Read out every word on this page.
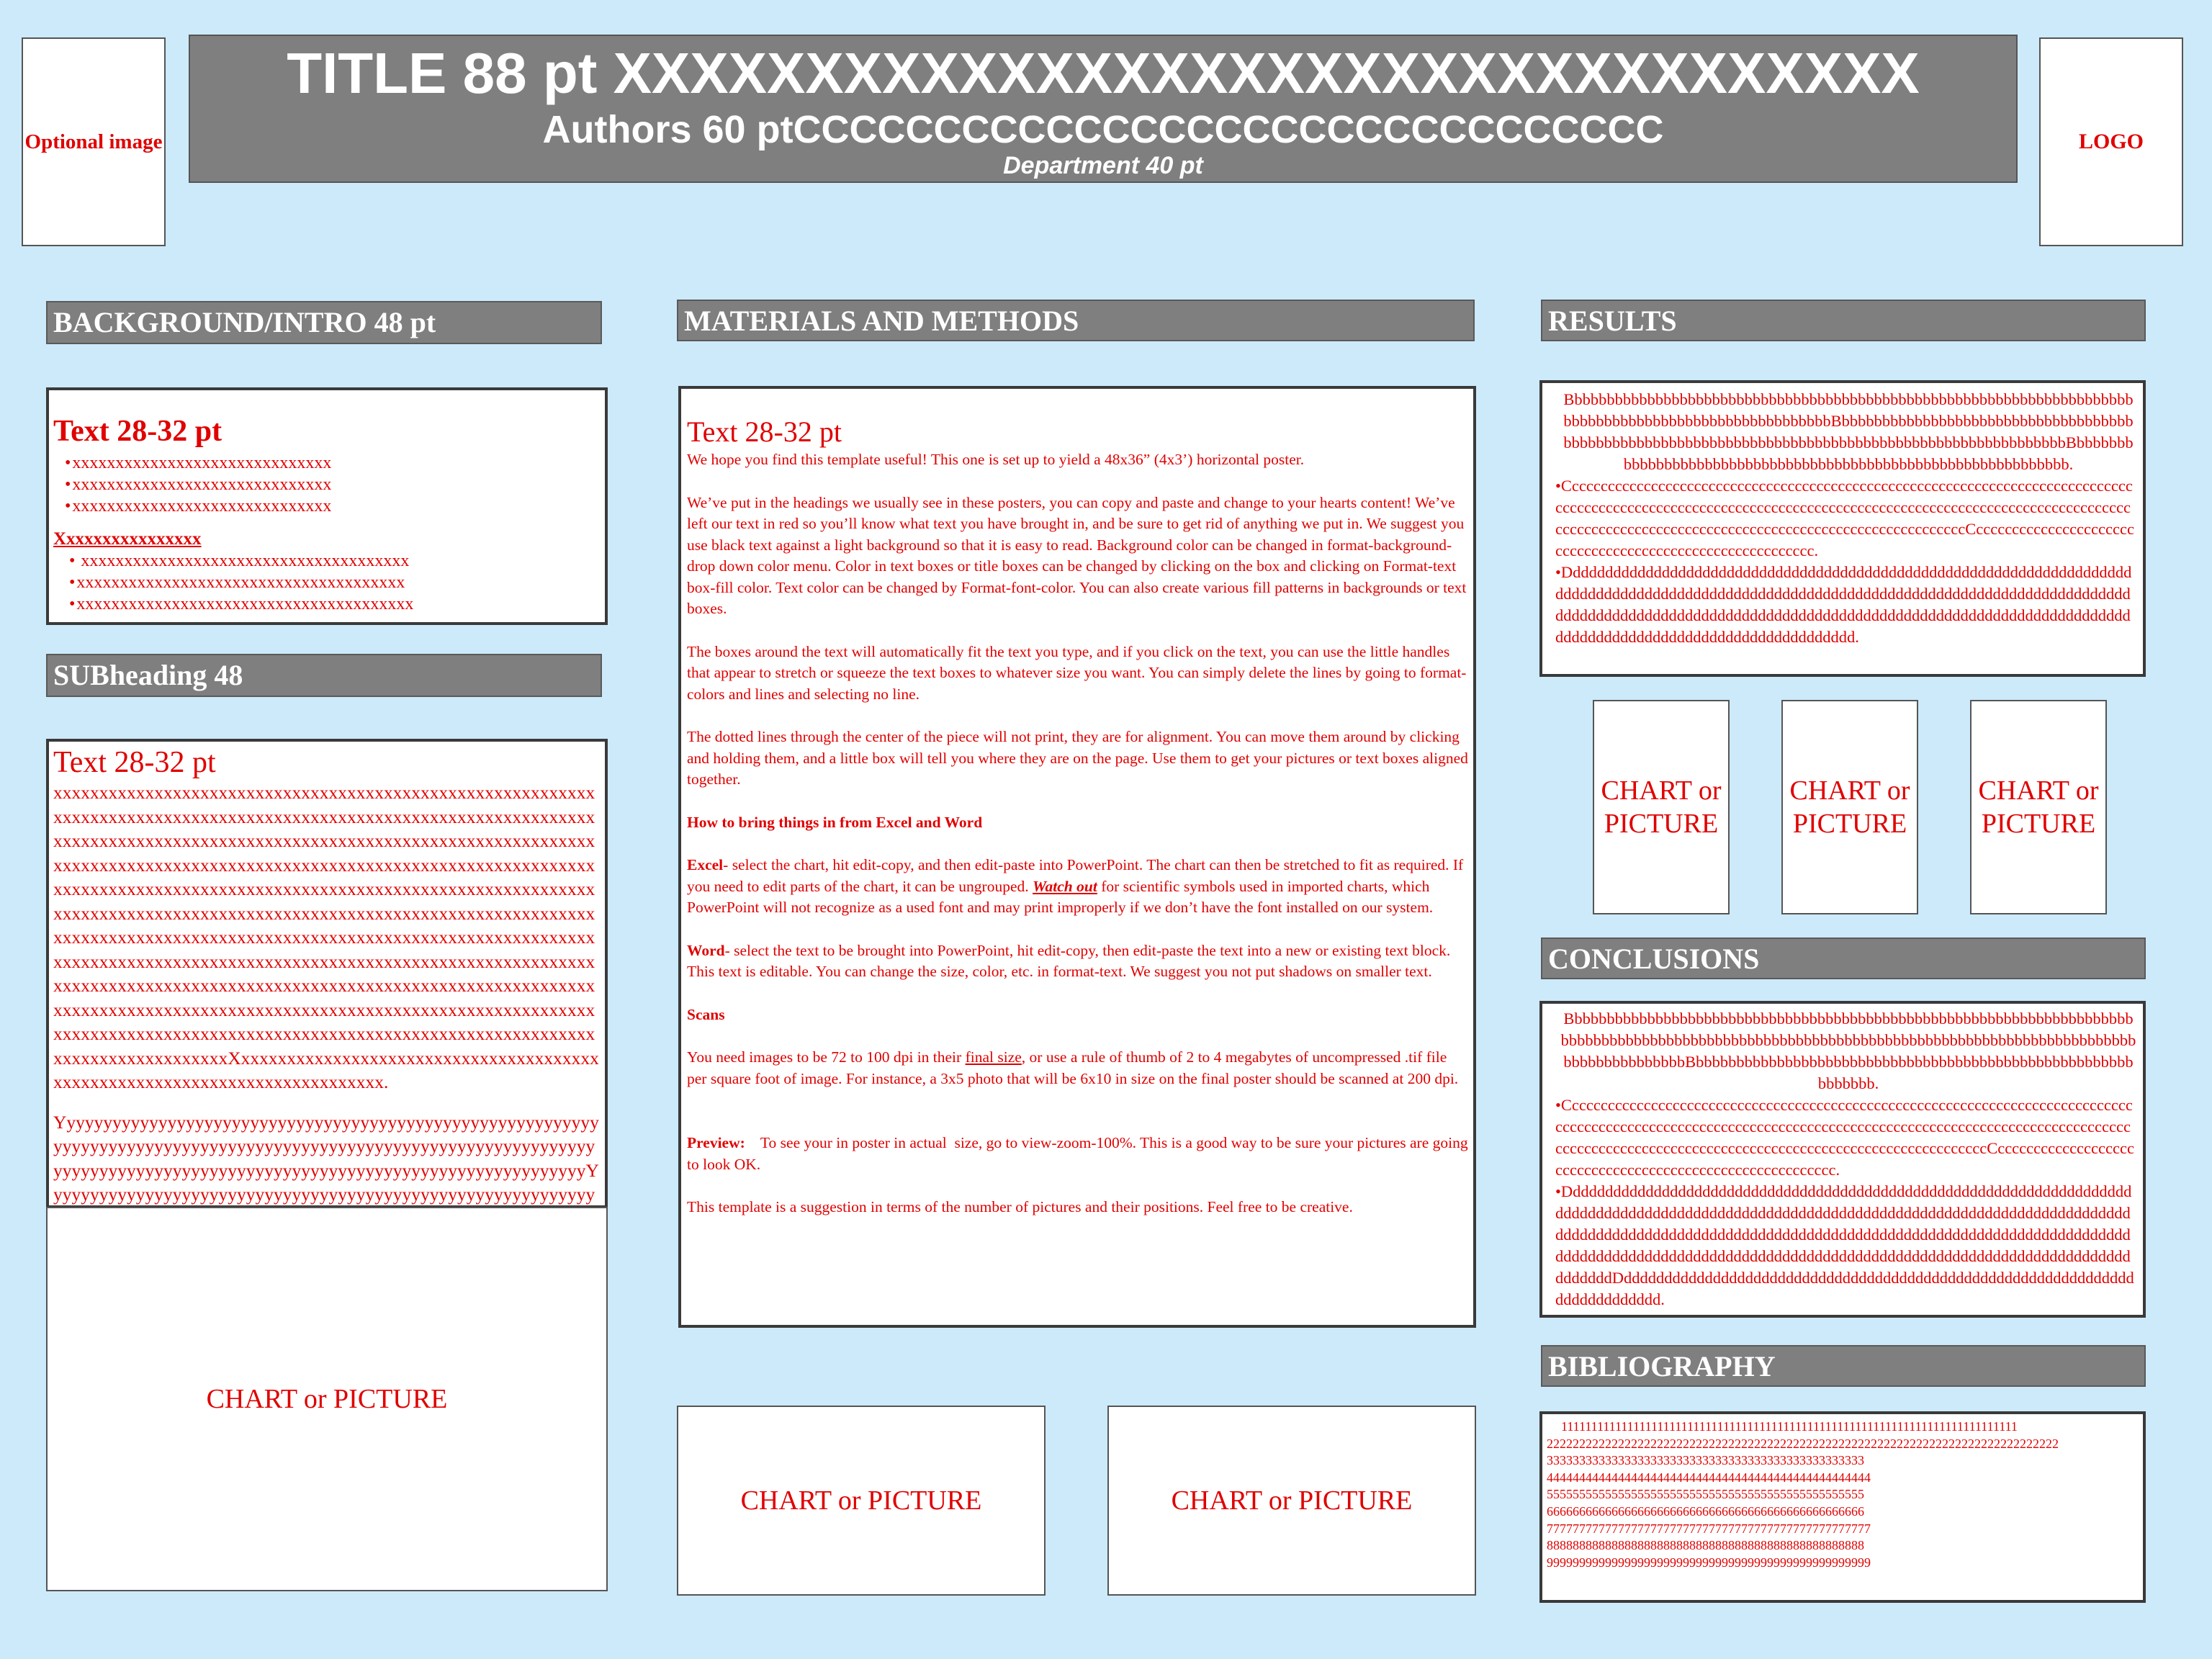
Optional image
TITLE 88 pt XXXXXXXXXXXXXXXXXXXXXXXXXXXXXXXXXX
Authors 60 ptCCCCCCCCCCCCCCCCCCCCCCCCCCCCCCC
Department 40 pt
LOGO
BACKGROUND/INTRO 48 pt
Text 28-32 pt
• xxxxxxxxxxxxxxxxxxxxxxxxxxxxxx
• xxxxxxxxxxxxxxxxxxxxxxxxxxxxxx
• xxxxxxxxxxxxxxxxxxxxxxxxxxxxxx
Xxxxxxxxxxxxxxxx
• xxxxxxxxxxxxxxxxxxxxxxxxxxxxxxxxxxxxxx
• xxxxxxxxxxxxxxxxxxxxxxxxxxxxxxxxxxxxxx
• xxxxxxxxxxxxxxxxxxxxxxxxxxxxxxxxxxxxxxx
SUBheading 48
Text 28-32 pt

xxxxxxxxxxxxxxxxxxxxxxxxxxxxxxxxxxxxxxxxxxxxxxxxxxxxxxxxxxxxxxxxxxxxxxxxxxxxxxxxxxxxxxxxxxxxxxxxxxxxxxxxxxxxxxxxxxxxxxxxxxxxxxxxxxxxxxxxxxxxxxxxxxxxxxxxxxxxxxxxxxxxxxxxxxxxxxxxxxxxxxxxxxxxxxxxxxxxxxxxxxxxxxxxxxxxxxxxxxxxxxxxxxxxxxxxxxxxxxxxxxxxxxxxxxxxxxxxxxxxxxxxxxxxxxxxxxxxxxxxxxxxxxxxxxxxxxxxxxxxxxxxxxxxxxxxxxxxxxxxxxxxxxxxxxxxxxxxxxxxxxxxxxxxxxxxxxxxxxxxxxxxxxxxxxxxxxxxxxxxxxxxxxxxxxxxxxxxxxxxxxxxxxxxxxxxxxxxxxxxxxxxxxxxxxxxxxxxxxxxxxxxxxxxxxxxxxxxxxxxxxxxxxxxxxxxxxxxxxxxxxxxxxxxxxxxxxxxxxxxxxxxxxxxxxxxxxxxxxxxxxxxxxxxxxxxxxxxxxxxxxxxxxxxxxxxxxxxxxxxxxxxxxxxxxxxxxxxxxxxxxxxxxxxxxxxxxxxxxxxxxxxxxxxxxxxxxxxxxxxxxxxxxxxxxxxxxxxxxxxxxxxxxxxxxxxxxxxxxxxxxxxxxxxXxxxxxxxxxxxxxxxxxxxxxxxxxxxxxxxxxxxxxxxxxxxxxxxxxxxxxxxxxxxxxxxxxxxxxxxxxxx.

YyyyyyyyyyyyyyyyyyyyyyyyyyyyyyyyyyyyyyyyyyyyyyyyyyyyyyyyyyyyyyyyyyyyyyyyyyyyyyyyyyyyyyyyyyyyyyyyyyyyyyyyyyyyyyyyyyyyyyyyyyyyyyyyyyyyyyyyyyyyyyyyyyyyyyyyyyyyyyyyyyyyyyyyyyyyyyyyYyyyyyyyyyyyyyyyyyyyyyyyyyyyyyyyyyyyyyyyyyyyyyyyyyyyyyyyyyyy

CHART or PICTURE
MATERIALS AND METHODS
Text 28-32 pt

We hope you find this template useful! This one is set up to yield a 48x36” (4x3’) horizontal poster.

We’ve put in the headings we usually see in these posters, you can copy and paste and change to your hearts content! We’ve left our text in red so you’ll know what text you have brought in, and be sure to get rid of anything we put in. We suggest you use black text against a light background so that it is easy to read. Background color can be changed in format-background-drop down color menu. Color in text boxes or title boxes can be changed by clicking on the box and clicking on Format-text box-fill color. Text color can be changed by Format-font-color. You can also create various fill patterns in backgrounds or text boxes.

The boxes around the text will automatically fit the text you type, and if you click on the text, you can use the little handles that appear to stretch or squeeze the text boxes to whatever size you want. You can simply delete the lines by going to format-colors and lines and selecting no line.

The dotted lines through the center of the piece will not print, they are for alignment. You can move them around by clicking and holding them, and a little box will tell you where they are on the page. Use them to get your pictures or text boxes aligned together.

How to bring things in from Excel and Word

Excel- select the chart, hit edit-copy, and then edit-paste into PowerPoint. The chart can then be stretched to fit as required. If you need to edit parts of the chart, it can be ungrouped. Watch out for scientific symbols used in imported charts, which PowerPoint will not recognize as a used font and may print improperly if we don’t have the font installed on our system.

Word- select the text to be brought into PowerPoint, hit edit-copy, then edit-paste the text into a new or existing text block. This text is editable. You can change the size, color, etc. in format-text. We suggest you not put shadows on smaller text.

Scans

You need images to be 72 to 100 dpi in their final size, or use a rule of thumb of 2 to 4 megabytes of uncompressed .tif file per square foot of image. For instance, a 3x5 photo that will be 6x10 in size on the final poster should be scanned at 200 dpi.

Preview:    To see your in poster in actual  size, go to view-zoom-100%. This is a good way to be sure your pictures are going to look OK.

This template is a suggestion in terms of the number of pictures and their positions. Feel free to be creative.

CHART or PICTURE	CHART or PICTURE
RESULTS

BbbbbbbbbbbbbbbbbbbbbbbbbbbbbbbbbbbbbbbbbbbbbbbbbbbbbbbbbbbbbbbbbbbbbbbbbbbbbbbbbbbbbbbbbbbbbbbbbbbbbbbBbbbbbbbbbbbbbbbbbbbbbbbbbbbbbbbbbbbbbbbbbbbbbbbbbbbbbbbbbbbbbbbbbbbbbbbbbbbbbbbbbbbbbbbbbbbbbbbbbbBbbbbbbbbbbbbbbbbbbbbbbbbbbbbbbbbbbbbbbbbbbbbbbbbbbbbbbbbbbbbbb.

•CcccccccccccccccccccccccccccccccccccccccccccccccccccccccccccccccccccccccccccccccccccccccccccccccccccccccccccccccccccccccccccccccccccccccccccccccccccccccccccccccccccccccccccccccccccccccccccccccccccccccccccccccccccccccCcccccccccccccccccccccccccccccccccccccccccccccccccccccccccc.

•Ddddddddddddddddddddddddddddddddddddddddddddddddddddddddddddddddddddddddddddddddddddddddddddddddddddddddddddddddddddddddddddddddddddddddddddddddddddddddddddddddddddddddddddddddddddddddddddddddddddddddddddddddddddddddddddddddddddddddddddddddddddddddd.

CHART or PICTURE
CHART or PICTURE
CHART or PICTURE
CONCLUSIONS

BbbbbbbbbbbbbbbbbbbbbbbbbbbbbbbbbbbbbbbbbbbbbbbbbbbbbbbbbbbbbbbbbbbbbbbbbbbbbbbbbbbbbbbbbbbbbbbbbbbbbbbbbbbbbbbbbbbbbbbbbbbbbbbbbbbbbbbbbbbbbbbbbbbbbbbbbbbbBbbbbbbbbbbbbbbbbbbbbbbbbbbbbbbbbbbbbbbbbbbbbbbbbbbbbbbbbbbbbb.

•CccccccccccccccccccccccccccccccccccccccccccccccccccccccccccccccccccccccccccccccccccccccccccccccccccccccccccccccccccccccccccccccccccccccccccccccccccccccccccccccccccccccccccccccccccccccccccccccccccccccccccccccccccccccccccCcccccccccccccccccccccccccccccccccccccccccccccccccccccccccc.

•DdddddddddddddddddddddddddddddddddddddddddddddddddddddddddddddddddddddddddddddddddddddddddddddddddddddddddddddddddddddddddddddddddddddddddddddddddddddddddddddddddddddddddddddddddddddddddddddddddddddddddddddddddddddddddddddddddddddddddddddddddddddddddddddddddddddddddddddddddddddddddddddddddDdddddddddddddddddddddddddddddddddddddddddddddddddddddddddddddddddddddddddddd.

BIBLIOGRAPHY
1111111111111111111111111111111111111111111111111111111111111111111111111111
2222222222222222222222222222222222222222222222222222222222222222222222222222222
3333333333333333333333333333333333333333333333333
44444444444444444444444444444444444444444444444444
5555555555555555555555555555555555555555555555555
6666666666666666666666666666666666666666666666666
77777777777777777777777777777777777777777777777777
8888888888888888888888888888888888888888888888888
99999999999999999999999999999999999999999999999999
